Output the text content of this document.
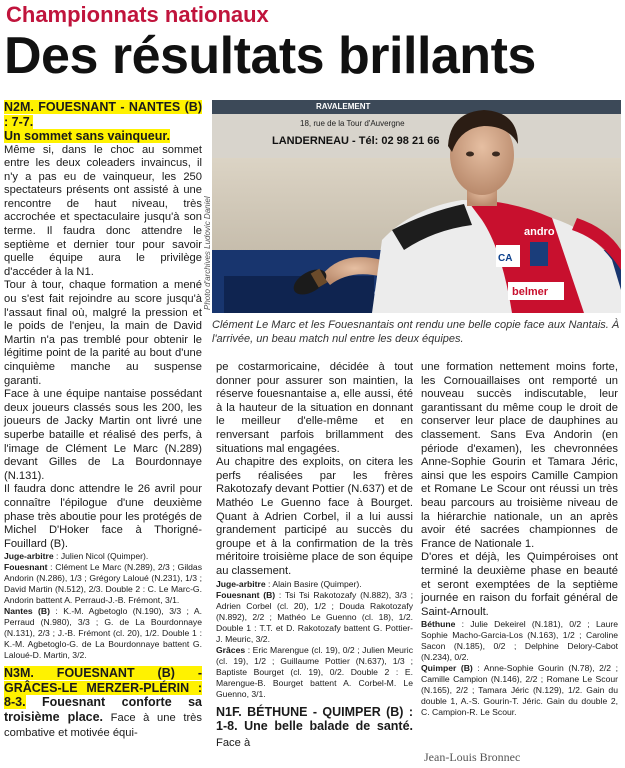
Championnats nationaux
Des résultats brillants

N2M. FOUESNANT - NANTES (B) : 7-7.
Un sommet sans vainqueur.

Même si, dans le choc au sommet entre les deux coleaders invaincus, il n'y a pas eu de vainqueur, les 250 spectateurs présents ont assisté à une rencontre de haut niveau, très accrochée et spectaculaire jusqu'à son terme. Il faudra donc attendre le septième et dernier tour pour savoir quelle équipe aura le privilège d'accéder à la N1.

Tour à tour, chaque formation a mené ou s'est fait rejoindre au score jusqu'à l'assaut final où, malgré la pression et le poids de l'enjeu, la main de David Martin n'a pas tremblé pour obtenir le légitime point de la parité au bout d'une cinquième manche au suspense garanti.

Face à une équipe nantaise possédant deux joueurs classés sous les 200, les joueurs de Jacky Martin ont livré une superbe bataille et réalisé des perfs, à l'image de Clément Le Marc (N.289) devant Gilles de La Bourdonnaye (N.131).

Il faudra donc attendre le 26 avril pour connaître l'épilogue d'une deuxième phase très aboutie pour les protégés de Michel D'Hoker face à Thorigné-Fouillard (B).

Juge-arbitre : Julien Nicol (Quimper).

Fouesnant : Clément Le Marc (N.289), 2/3 ; Gildas Andorin (N.286), 1/3 ; Grégory Laloué (N.231), 1/3 ; David Martin (N.512), 2/3. Double 2 : C. Le Marc-G. Andorin battent A. Perraud-J.-B. Frémont, 3/1.

Nantes (B) : K.-M. Agbetoglo (N.190), 3/3 ; A. Perraud (N.980), 3/3 ; G. de La Bourdonnaye (N.131), 2/3 ; J.-B. Frémont (cl. 20), 1/2. Double 1 : K.-M. Agbetoglo-G. de La Bourdonnaye battent G. Laloué-D. Martin, 3/2.

N3M. FOUESNANT (B) - GRÂCES-LE MERZER-PLÉRIN : 8-3. Fouesnant conforte sa troisième place. Face à une très combative et motivée équi-

RAVALEMENT
18, rue de la Tour d'Auvergne
LANDERNEAU - Tél: 02 98 21 66
andro
CA
belmer
Photo d'archives Ludovic Daniel
Clément Le Marc et les Fouesnantais ont rendu une belle copie face aux Nantais. À l'arrivée, un beau match nul entre les deux équipes.

pe costarmoricaine, décidée à tout donner pour assurer son maintien, la réserve fouesnantaise a, elle aussi, été à la hauteur de la situation en donnant le meilleur d'elle-même et en renversant parfois brillamment des situations mal engagées.

Au chapitre des exploits, on citera les perfs réalisées par les frères Rakotozafy devant Pottier (N.637) et de Mathéo Le Guenno face à Bourget. Quant à Adrien Corbel, il a lui aussi grandement participé au succès du groupe et à la confirmation de la très méritoire troisième place de son équipe au classement.

Juge-arbitre : Alain Basire (Quimper).

Fouesnant (B) : Tsi Tsi Rakotozafy (N.882), 3/3 ; Adrien Corbel (cl. 20), 1/2 ; Douda Rakotozafy (N.892), 2/2 ; Mathéo Le Guenno (cl. 18), 1/2. Double 1 : T.T. et D. Rakotozafy battent G. Pottier-J. Meuric, 3/2.

Grâces : Eric Marengue (cl. 19), 0/2 ; Julien Meuric (cl. 19), 1/2 ; Guillaume Pottier (N.637), 1/3 ; Baptiste Bourget (cl. 19), 0/2. Double 2 : E. Marengue-B. Bourget battent A. Corbel-M. Le Guenno, 3/1.

N1F. BÉTHUNE - QUIMPER (B) : 1-8. Une belle balade de santé. Face à

une formation nettement moins forte, les Cornouaillaises ont remporté un nouveau succès indiscutable, leur garantissant du même coup le droit de conserver leur place de dauphines au classement. Sans Eva Andorin (en période d'examen), les chevronnées Anne-Sophie Gourin et Tamara Jéric, ainsi que les espoirs Camille Campion et Romane Le Scour ont réussi un très beau parcours au troisième niveau de la hiérarchie nationale, un an après avoir été sacrées championnes de France de Nationale 1.

D'ores et déjà, les Quimpéroises ont terminé la deuxième phase en beauté et seront exemptées de la septième journée en raison du forfait général de Saint-Arnoult.

Béthune : Julie Dekeirel (N.181), 0/2 ; Laure Sophie Macho-Garcia-Los (N.163), 1/2 ; Caroline Sacon (N.185), 0/2 ; Delphine Delory-Cabot (N.234), 0/2.

Quimper (B) : Anne-Sophie Gourin (N.78), 2/2 ; Camille Campion (N.146), 2/2 ; Romane Le Scour (N.165), 2/2 ; Tamara Jéric (N.129), 1/2. Gain du double 1, A.-S. Gourin-T. Jéric. Gain du double 2, C. Campion-R. Le Scour.

Jean-Louis Bronnec
